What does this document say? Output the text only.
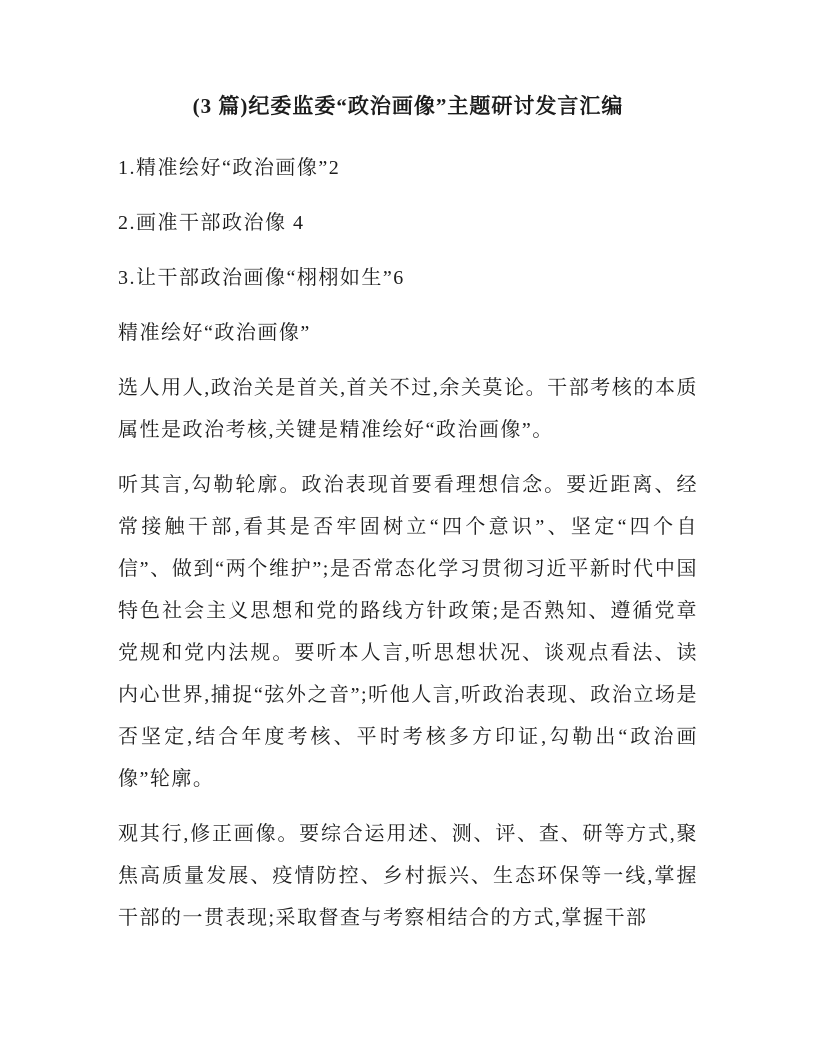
(3 篇)纪委监委“政治画像”主题研讨发言汇编

1.精准绘好“政治画像”2

2.画准干部政治像 4

3.让干部政治画像“栩栩如生”6

精准绘好“政治画像”

选人用人,政治关是首关,首关不过,余关莫论。干部考核的本质属性是政治考核,关键是精准绘好“政治画像”。

听其言,勾勒轮廓。政治表现首要看理想信念。要近距离、经常接触干部,看其是否牢固树立“四个意识”、坚定“四个自信”、做到“两个维护”;是否常态化学习贯彻习近平新时代中国特色社会主义思想和党的路线方针政策;是否熟知、遵循党章党规和党内法规。要听本人言,听思想状况、谈观点看法、读内心世界,捕捉“弦外之音”;听他人言,听政治表现、政治立场是否坚定,结合年度考核、平时考核多方印证,勾勒出“政治画像”轮廓。

观其行,修正画像。要综合运用述、测、评、查、研等方式,聚焦高质量发展、疫情防控、乡村振兴、生态环保等一线,掌握干部的一贯表现;采取督查与考察相结合的方式,掌握干部
